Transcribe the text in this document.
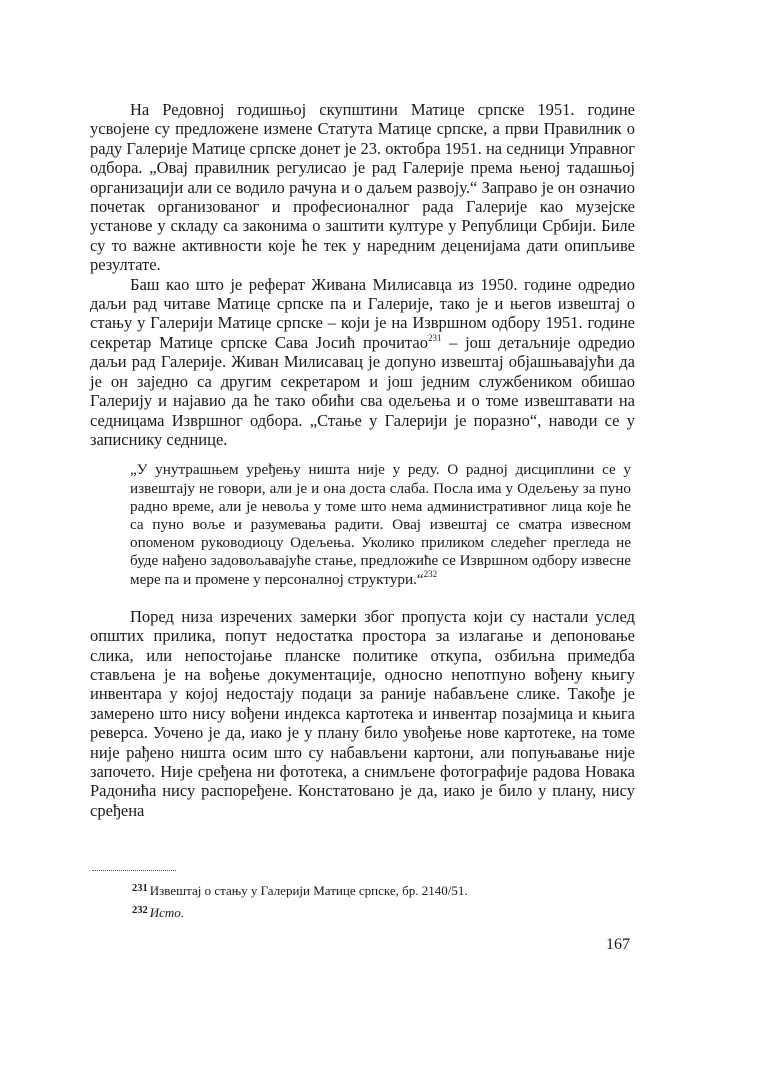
На Редовној годишњој скупштини Матице српске 1951. године усвојене су предложене измене Статута Матице српске, а први Правилник о раду Галерије Матице српске донет је 23. октобра 1951. на седници Управног одбора. „Овај правилник регулисао је рад Галерије према њеној тадашњој организацији али се водило рачуна и о даљем развоју.“ Заправо је он означио почетак организованог и професионалног рада Галерије као музејске установе у складу са законима о заштити културе у Републици Србији. Биле су то важне активности које ће тек у наредним деценијама дати опипљиве резултате.

Баш као што је реферат Живана Милисавца из 1950. године одредио даљи рад читаве Матице српске па и Галерије, тако је и његов извештај о стању у Галерији Матице српске – који је на Извршном одбору 1951. године секретар Матице српске Сава Јосић прочитао$^{231}$ – још детаљније одредио даљи рад Галерије. Живан Милисавац је допуно извештај објашњавајући да је он заједно са другим секретаром и још једним службеником обишао Галерију и најавио да ће тако обићи сва одељења и о томе извештавати на седницама Извршног одбора. „Стање у Галерији је поразно“, наводи се у записнику седнице.

„У унутрашњем уређењу ништа није у реду. О радној дисциплини се у извештају не говори, али је и она доста слаба. Посла има у Одељењу за пуно радно време, али је невоља у томе што нема административног лица које ће са пуно воље и разумевања радити. Овај извештај се сматра извесном опоменом руководиоцу Одељења. Уколико приликом следећег прегледа не буде нађено задовољавајуће стање, предложиће се Извршном одбору извесне мере па и промене у персоналној структури.“$^{232}$

Поред низа изречених замерки због пропуста који су настали услед општих прилика, попут недостатка простора за излагање и депоновање слика, или непостојање планске политике откупа, озбиљна примедба стављена је на вођење документације, односно непотпуно вођену књигу инвентара у којој недостају подаци за раније набављене слике. Такође је замерено што нису вођени индекса картотека и инвентар позајмица и књига реверса. Уочено је да, иако је у плану било увођење нове картотеке, на томе није рађено ништа осим што су набављени картони, али попуњавање није започето. Није сређена ни фототека, а снимљене фотографије радова Новака Радонића нису распоређене. Констатовано је да, иако је било у плану, нису сређена

$^{231}$ Извештај о стању у Галерији Матице српске, бр. 2140/51.
$^{232}$ Исто.
167
